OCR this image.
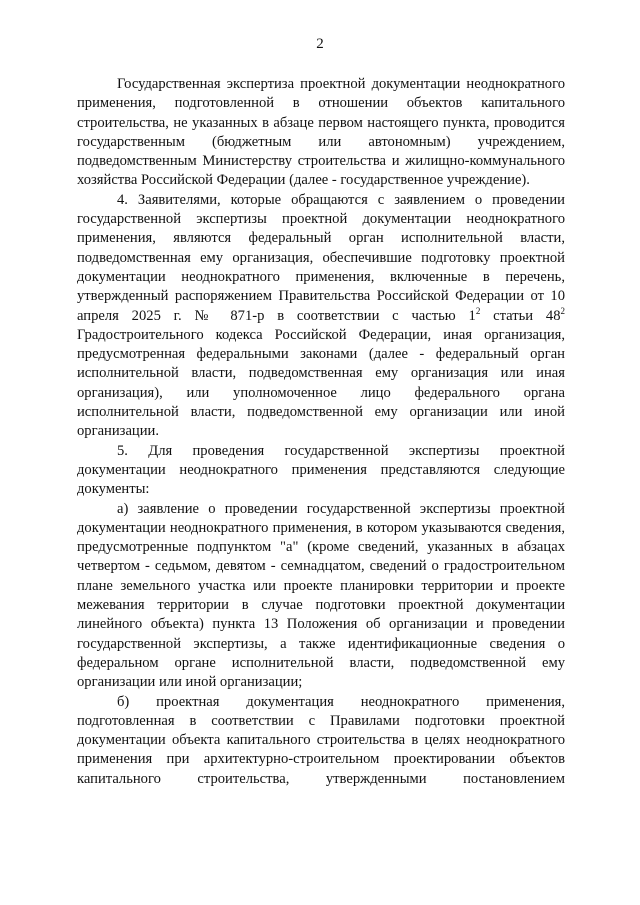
2

Государственная экспертиза проектной документации неоднократного применения, подготовленной в отношении объектов капитального строительства, не указанных в абзаце первом настоящего пункта, проводится государственным (бюджетным или автономным) учреждением, подведомственным Министерству строительства и жилищно-коммунального хозяйства Российской Федерации (далее - государственное учреждение).

4. Заявителями, которые обращаются с заявлением о проведении государственной экспертизы проектной документации неоднократного применения, являются федеральный орган исполнительной власти, подведомственная ему организация, обеспечившие подготовку проектной документации неоднократного применения, включенные в перечень, утвержденный распоряжением Правительства Российской Федерации от 10 апреля 2025 г. № 871-р в соответствии с частью $1^2$ статьи $48^2$ Градостроительного кодекса Российской Федерации, иная организация, предусмотренная федеральными законами (далее - федеральный орган исполнительной власти, подведомственная ему организация или иная организация), или уполномоченное лицо федерального органа исполнительной власти, подведомственной ему организации или иной организации.

5. Для проведения государственной экспертизы проектной документации неоднократного применения представляются следующие документы:

а) заявление о проведении государственной экспертизы проектной документации неоднократного применения, в котором указываются сведения, предусмотренные подпунктом "а" (кроме сведений, указанных в абзацах четвертом - седьмом, девятом - семнадцатом, сведений о градостроительном плане земельного участка или проекте планировки территории и проекте межевания территории в случае подготовки проектной документации линейного объекта) пункта 13 Положения об организации и проведении государственной экспертизы, а также идентификационные сведения о федеральном органе исполнительной власти, подведомственной ему организации или иной организации;

б) проектная документация неоднократного применения, подготовленная в соответствии с Правилами подготовки проектной документации объекта капитального строительства в целях неоднократного применения при архитектурно-строительном проектировании объектов капитального строительства, утвержденными постановлением
